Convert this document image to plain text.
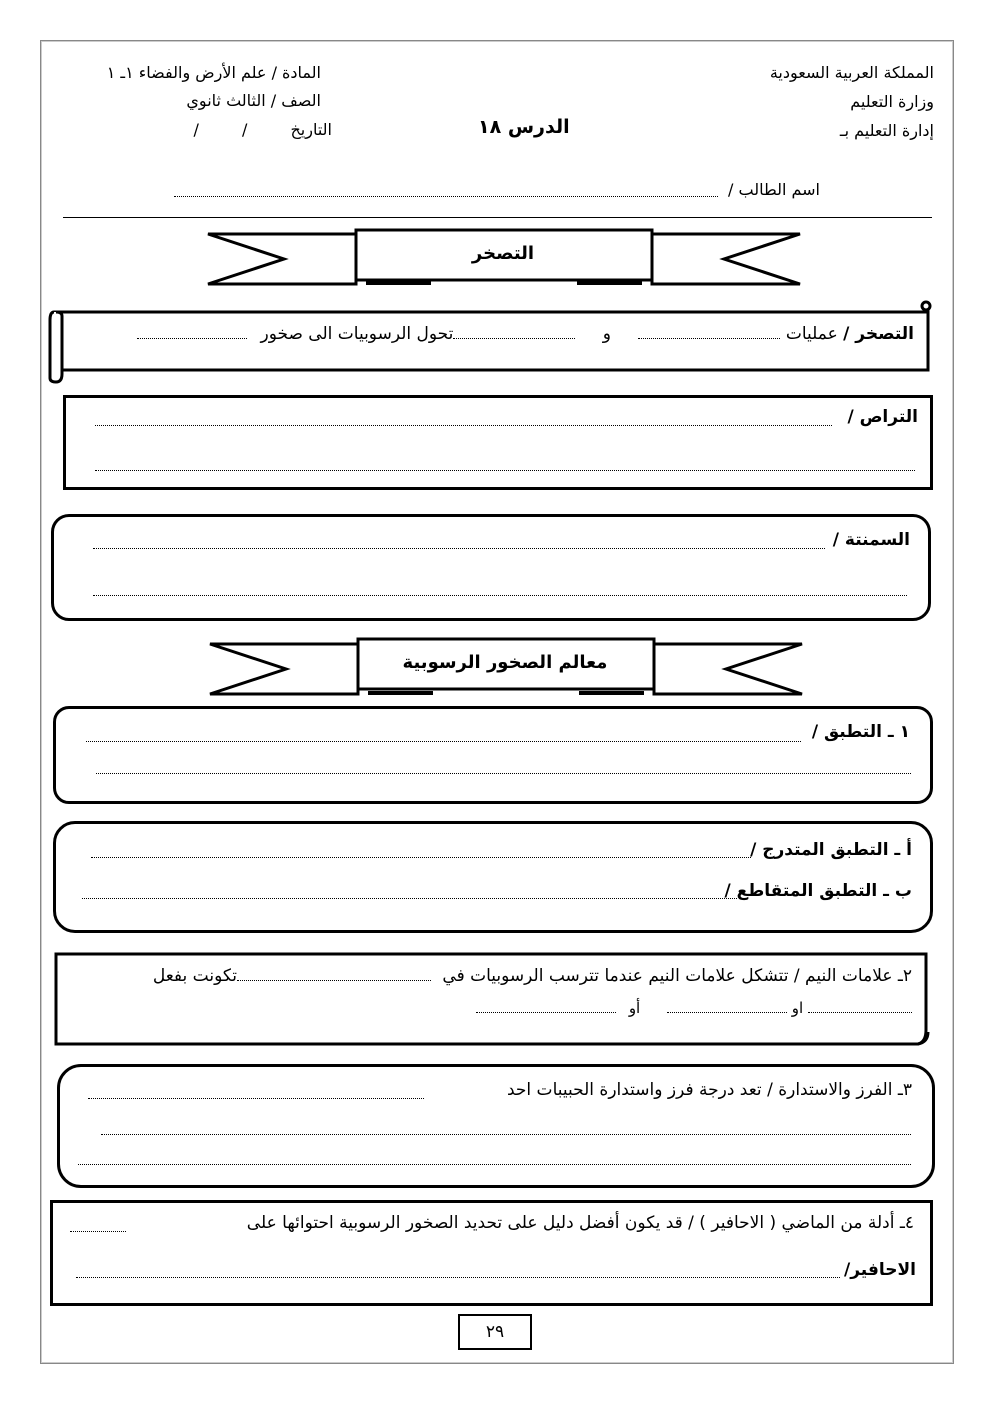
المملكة العربية السعودية
وزارة التعليم
إدارة التعليم بـ
المادة / علم الأرض والفضاء ١ـ ١
الصف / الثالث ثانوي
التاريخ / /	الدرس ١٨
اسم الطالب /
التصخر
التصخر / عمليات  و تحول الرسوبيات الى صخور
التراص /
السمنتة /
معالم الصخور الرسوبية
١ ـ التطبق /
أ ـ التطبق المتدرج /
ب ـ التطبق المتقاطع /
٢ـ علامات النيم / تتشكل علامات النيم عندما تترسب الرسوبيات في تكونت بفعل
او  أو
٣ـ الفرز والاستدارة / تعد درجة فرز واستدارة الحبيبات احد
٤ـ أدلة من الماضي ( الاحافير ) / قد يكون أفضل دليل على تحديد الصخور الرسوبية احتوائها على
الاحافير/
٢٩
